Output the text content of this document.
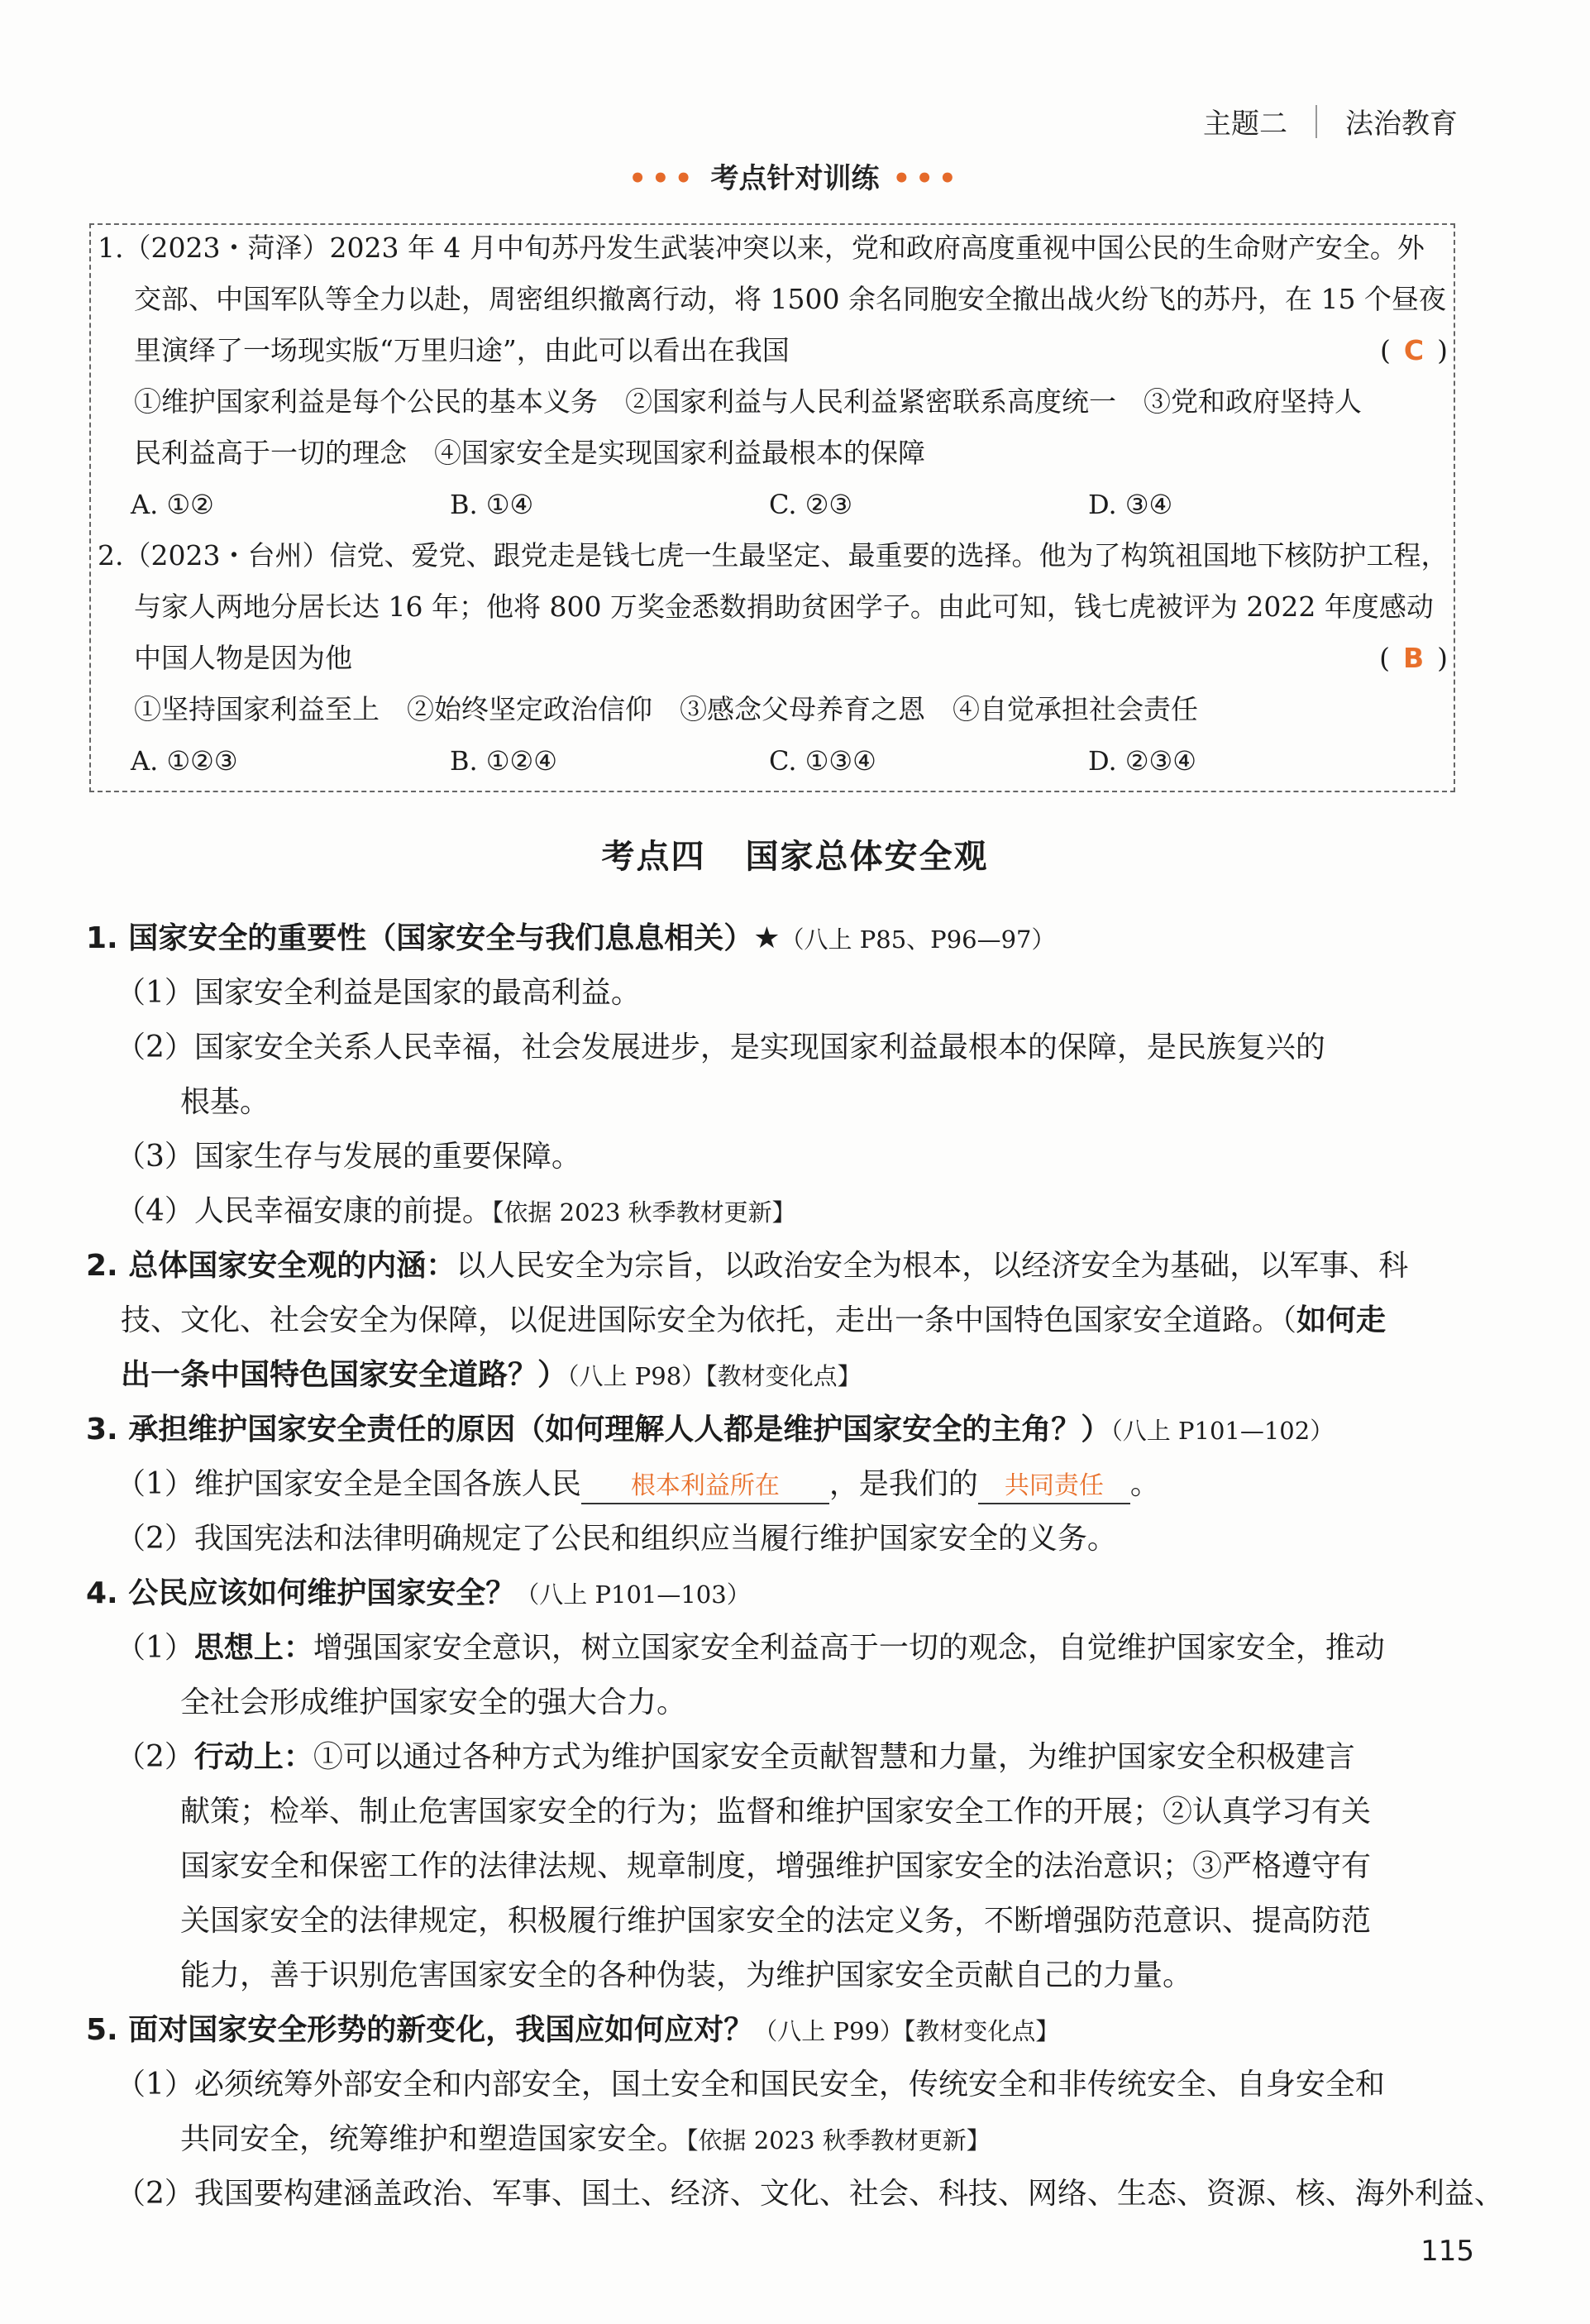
主题二 法治教育
••• 考点针对训练 •••
1.（2023・菏泽）2023 年 4 月中旬苏丹发生武装冲突以来，党和政府高度重视中国公民的生命财产安全。外
交部、中国军队等全力以赴，周密组织撤离行动，将 1500 余名同胞安全撤出战火纷飞的苏丹，在 15 个昼夜
里演绎了一场现实版“万里归途”，由此可以看出在我国	( C )
①维护国家利益是每个公民的基本义务　②国家利益与人民利益紧密联系高度统一　③党和政府坚持人
民利益高于一切的理念　④国家安全是实现国家利益最根本的保障
A. ①②	B. ①④	C. ②③	D. ③④
2.（2023・台州）信党、爱党、跟党走是钱七虎一生最坚定、最重要的选择。他为了构筑祖国地下核防护工程，
与家人两地分居长达 16 年；他将 800 万奖金悉数捐助贫困学子。由此可知，钱七虎被评为 2022 年度感动
中国人物是因为他	( B )
①坚持国家利益至上　②始终坚定政治信仰　③感念父母养育之恩　④自觉承担社会责任
A. ①②③	B. ①②④	C. ①③④	D. ②③④
考点四 国家总体安全观
1. 国家安全的重要性（国家安全与我们息息相关）★（八上 P85、P96—97）
（1）国家安全利益是国家的最高利益。
（2）国家安全关系人民幸福，社会发展进步，是实现国家利益最根本的保障，是民族复兴的
根基。
（3）国家生存与发展的重要保障。
（4）人民幸福安康的前提。【依据 2023 秋季教材更新】
2. 总体国家安全观的内涵：以人民安全为宗旨，以政治安全为根本，以经济安全为基础，以军事、科
技、文化、社会安全为保障，以促进国际安全为依托，走出一条中国特色国家安全道路。（如何走
出一条中国特色国家安全道路？）（八上 P98）【教材变化点】
3. 承担维护国家安全责任的原因（如何理解人人都是维护国家安全的主角？）（八上 P101—102）
（1）维护国家安全是全国各族人民 根本利益所在 ，是我们的 共同责任 。
（2）我国宪法和法律明确规定了公民和组织应当履行维护国家安全的义务。
4. 公民应该如何维护国家安全？（八上 P101—103）
（1）思想上：增强国家安全意识，树立国家安全利益高于一切的观念，自觉维护国家安全，推动
全社会形成维护国家安全的强大合力。
（2）行动上：①可以通过各种方式为维护国家安全贡献智慧和力量，为维护国家安全积极建言
献策；检举、制止危害国家安全的行为；监督和维护国家安全工作的开展；②认真学习有关
国家安全和保密工作的法律法规、规章制度，增强维护国家安全的法治意识；③严格遵守有
关国家安全的法律规定，积极履行维护国家安全的法定义务，不断增强防范意识、提高防范
能力，善于识别危害国家安全的各种伪装，为维护国家安全贡献自己的力量。
5. 面对国家安全形势的新变化，我国应如何应对？（八上 P99）【教材变化点】
（1）必须统筹外部安全和内部安全，国土安全和国民安全，传统安全和非传统安全、自身安全和
共同安全，统筹维护和塑造国家安全。【依据 2023 秋季教材更新】
（2）我国要构建涵盖政治、军事、国土、经济、文化、社会、科技、网络、生态、资源、核、海外利益、
115
